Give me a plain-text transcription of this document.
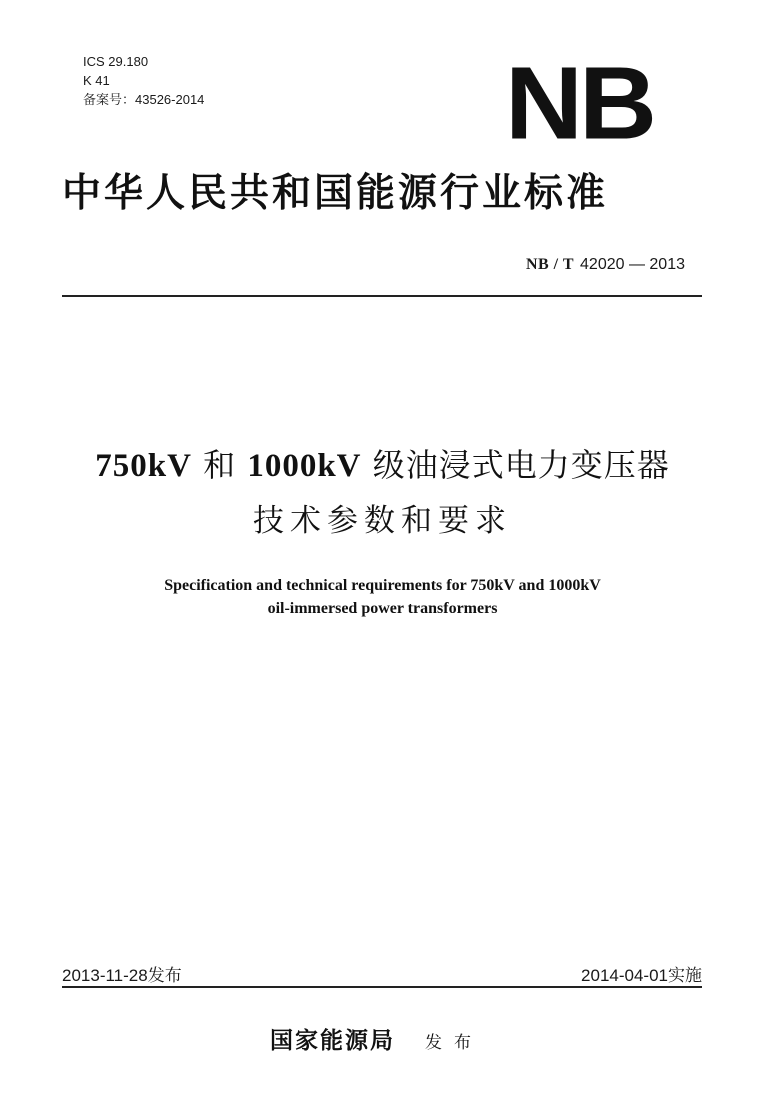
ICS 29.180
K 41
备案号：43526-2014	NB
中华人民共和国能源行业标准
NB / T 42020 — 2013
750kV 和 1000kV 级油浸式电力变压器
技术参数和要求
Specification and technical requirements for 750kV and 1000kV
oil-immersed power transformers
2013-11-28发布	2014-04-01实施
国家能源局 发布
